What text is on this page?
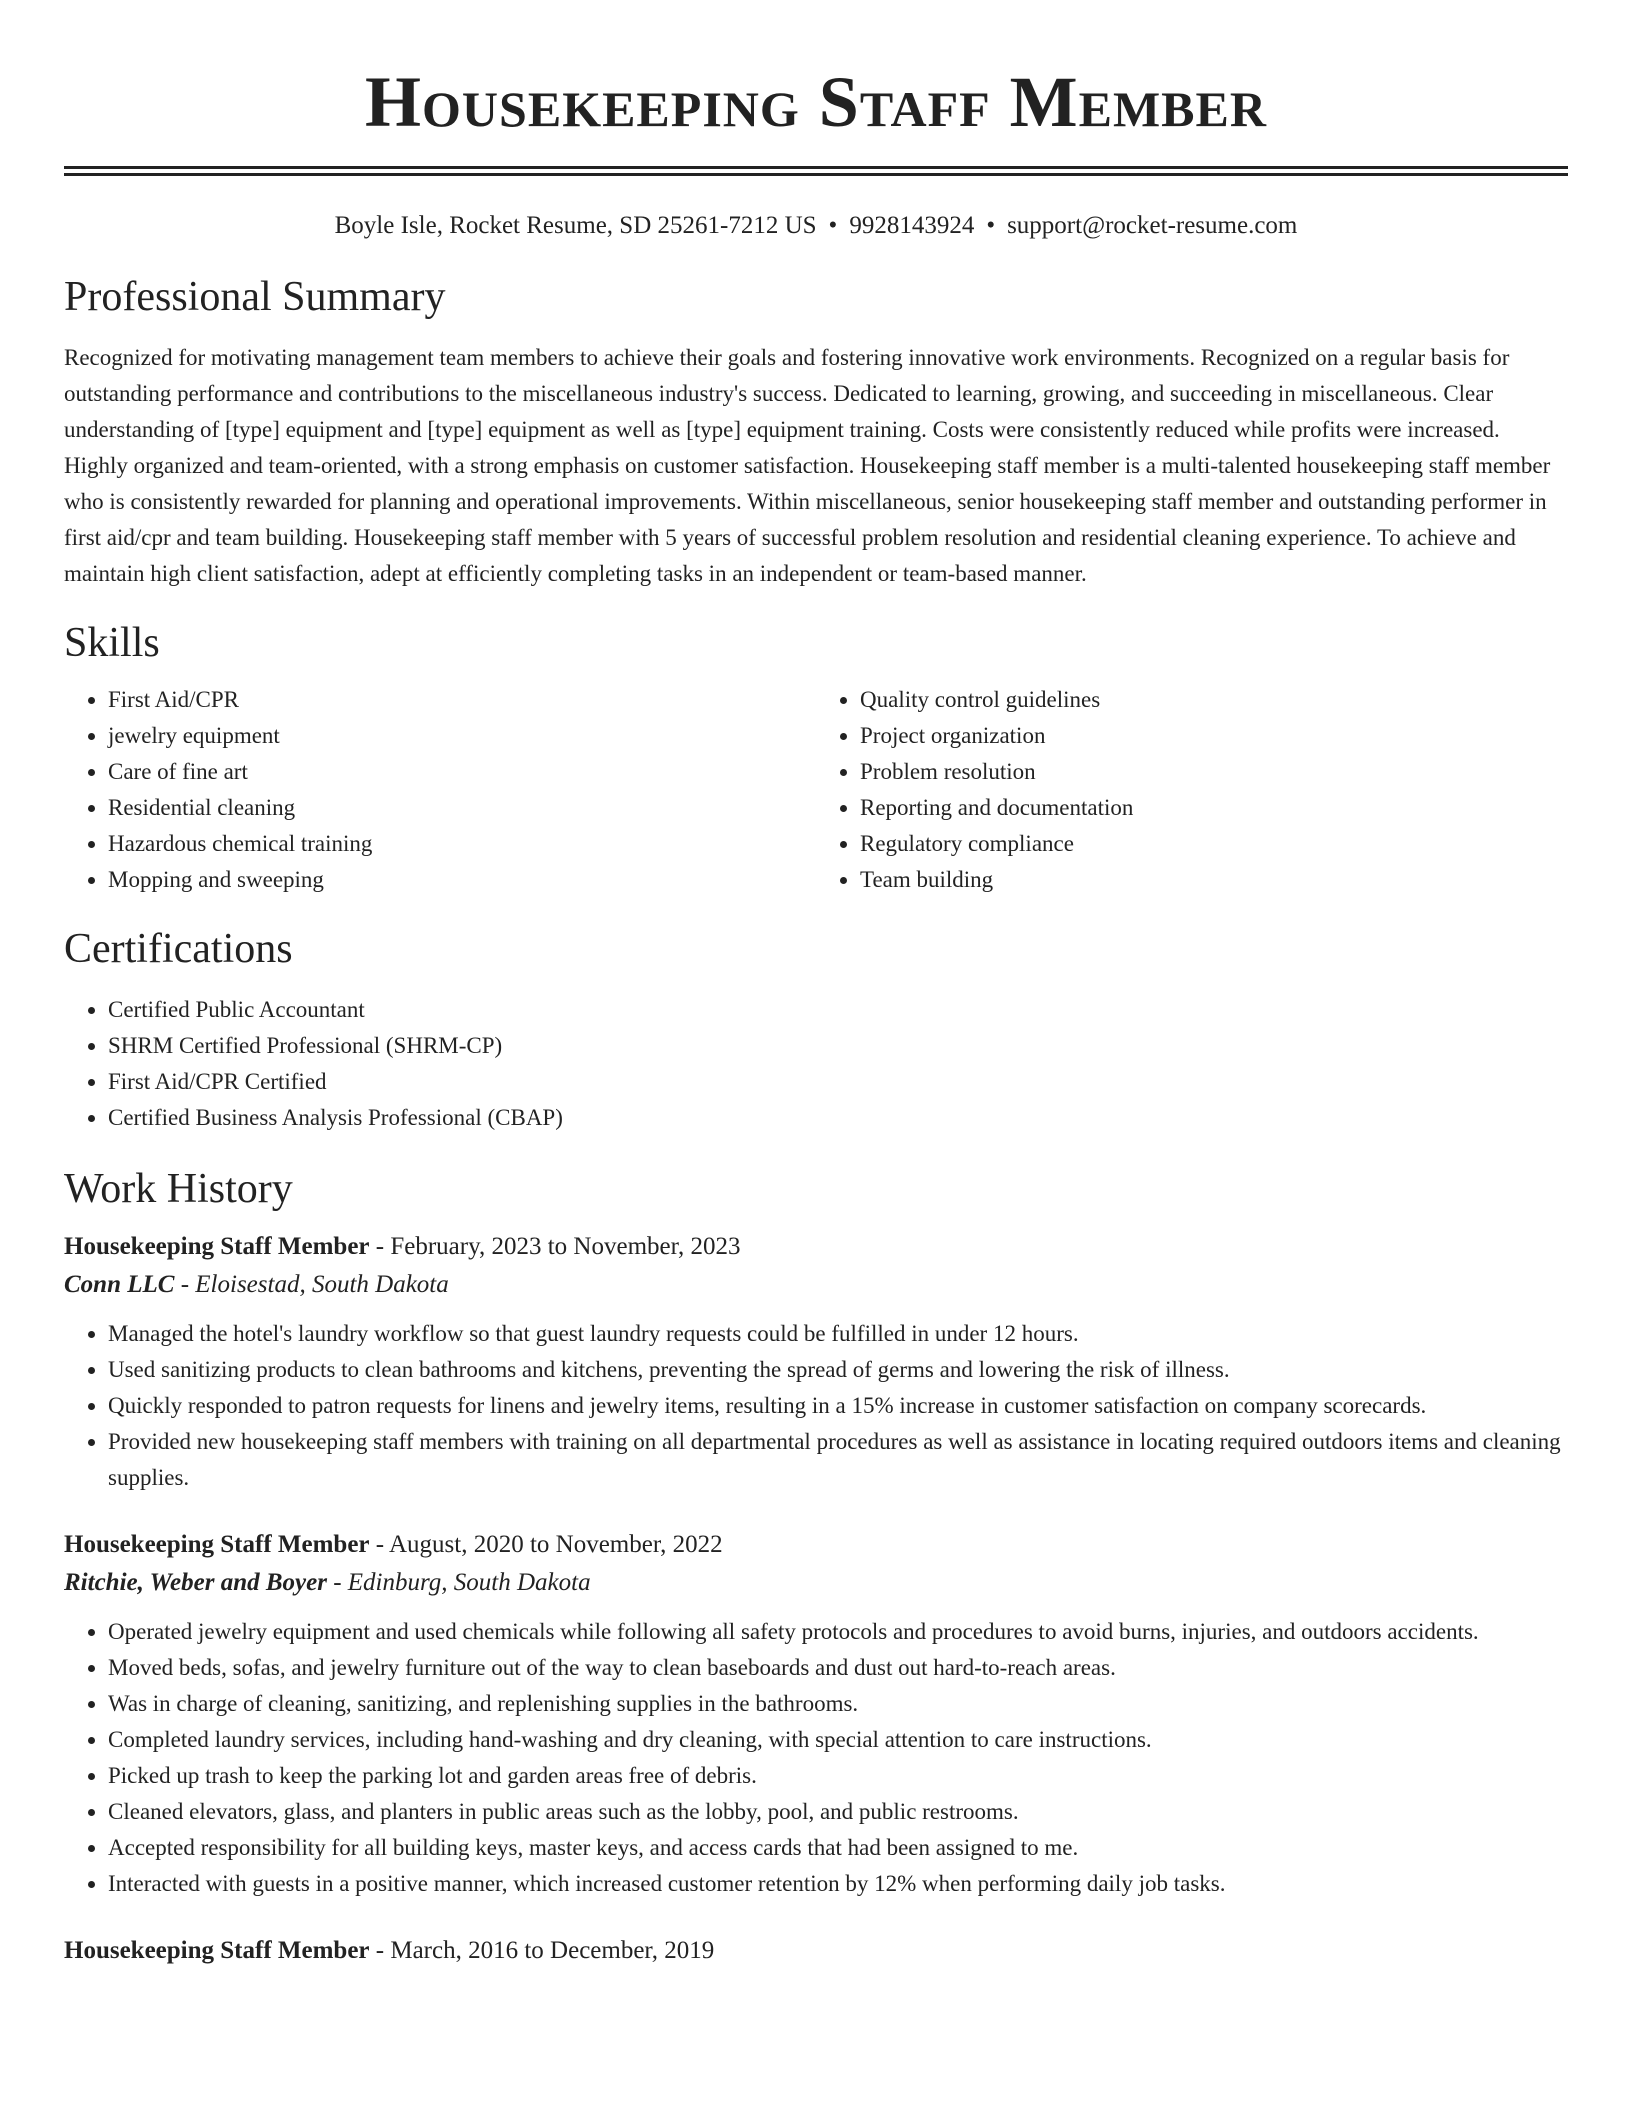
Housekeeping Staff Member
Boyle Isle, Rocket Resume, SD 25261-7212 US • 9928143924 • support@rocket-resume.com
Professional Summary

Recognized for motivating management team members to achieve their goals and fostering innovative work environments. Recognized on a regular basis for outstanding performance and contributions to the miscellaneous industry's success. Dedicated to learning, growing, and succeeding in miscellaneous. Clear understanding of [type] equipment and [type] equipment as well as [type] equipment training. Costs were consistently reduced while profits were increased. Highly organized and team-oriented, with a strong emphasis on customer satisfaction. Housekeeping staff member is a multi-talented housekeeping staff member who is consistently rewarded for planning and operational improvements. Within miscellaneous, senior housekeeping staff member and outstanding performer in first aid/cpr and team building. Housekeeping staff member with 5 years of successful problem resolution and residential cleaning experience. To achieve and maintain high client satisfaction, adept at efficiently completing tasks in an independent or team-based manner.

Skills
• First Aid/CPR
• jewelry equipment
• Care of fine art
• Residential cleaning
• Hazardous chemical training
• Mopping and sweeping
• Quality control guidelines
• Project organization
• Problem resolution
• Reporting and documentation
• Regulatory compliance
• Team building
Certifications
• Certified Public Accountant
• SHRM Certified Professional (SHRM-CP)
• First Aid/CPR Certified
• Certified Business Analysis Professional (CBAP)
Work History
Housekeeping Staff Member - February, 2023 to November, 2023
Conn LLC - Eloisestad, South Dakota
• Managed the hotel's laundry workflow so that guest laundry requests could be fulfilled in under 12 hours.
• Used sanitizing products to clean bathrooms and kitchens, preventing the spread of germs and lowering the risk of illness.
• Quickly responded to patron requests for linens and jewelry items, resulting in a 15% increase in customer satisfaction on company scorecards.
• Provided new housekeeping staff members with training on all departmental procedures as well as assistance in locating required outdoors items and cleaning supplies.
Housekeeping Staff Member - August, 2020 to November, 2022
Ritchie, Weber and Boyer - Edinburg, South Dakota
• Operated jewelry equipment and used chemicals while following all safety protocols and procedures to avoid burns, injuries, and outdoors accidents.
• Moved beds, sofas, and jewelry furniture out of the way to clean baseboards and dust out hard-to-reach areas.
• Was in charge of cleaning, sanitizing, and replenishing supplies in the bathrooms.
• Completed laundry services, including hand-washing and dry cleaning, with special attention to care instructions.
• Picked up trash to keep the parking lot and garden areas free of debris.
• Cleaned elevators, glass, and planters in public areas such as the lobby, pool, and public restrooms.
• Accepted responsibility for all building keys, master keys, and access cards that had been assigned to me.
• Interacted with guests in a positive manner, which increased customer retention by 12% when performing daily job tasks.
Housekeeping Staff Member - March, 2016 to December, 2019
